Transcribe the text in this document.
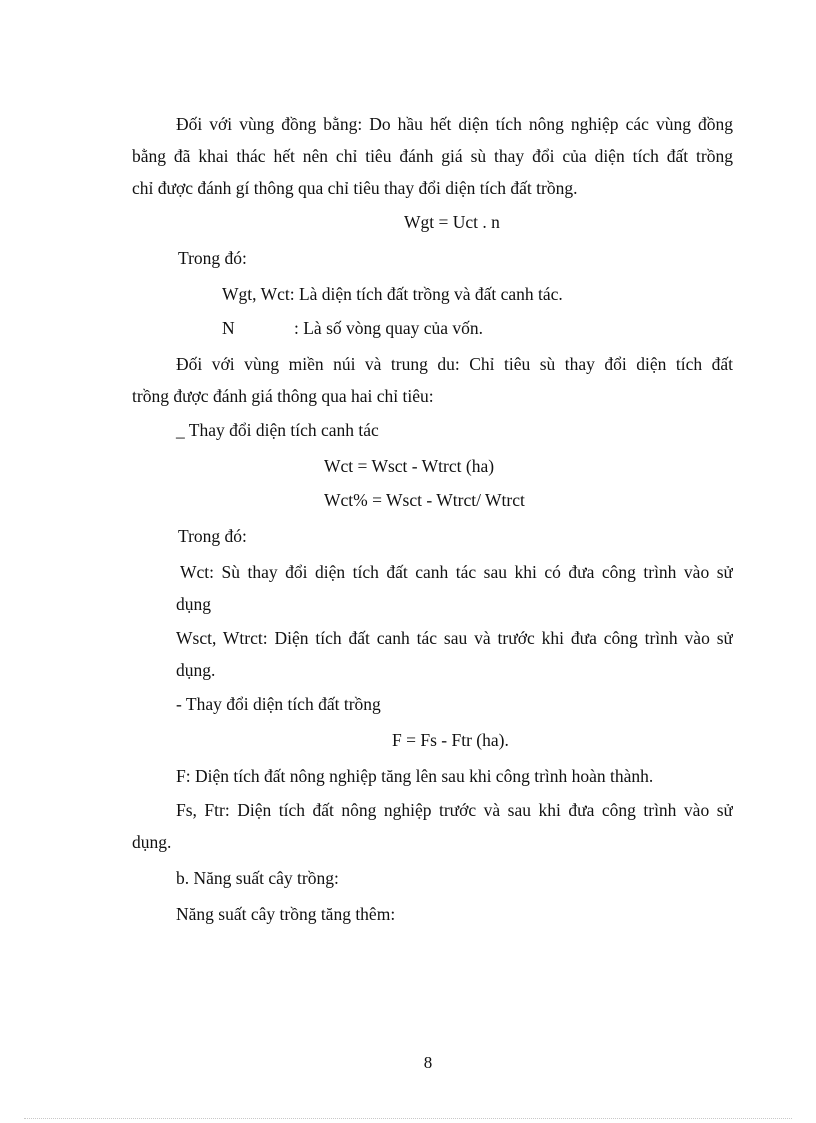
Đối với vùng đồng bằng: Do hầu hết diện tích nông nghiệp các vùng đồng
bằng đã khai thác hết nên chỉ tiêu đánh giá sù thay đổi của diện tích đất trồng
chỉ được đánh gí thông qua chỉ tiêu thay đổi diện tích đất trồng.
Wgt = Uct . n
Trong đó:
Wgt, Wct: Là diện tích đất trồng và đất canh tác.
N	: Là số vòng quay của vốn.
Đối với vùng miền núi và trung du: Chỉ tiêu sù thay đổi diện tích đất
trồng được đánh giá thông qua hai chỉ tiêu:
_ Thay đổi diện tích canh tác
Wct = Wsct - Wtrct (ha)
Wct% = Wsct - Wtrct/ Wtrct
Trong đó:
Wct: Sù thay đổi diện tích đất canh tác sau khi có đưa công trình vào sử
dụng
Wsct, Wtrct: Diện tích đất canh tác sau và trước khi đưa công trình vào sử
dụng.
- Thay đổi diện tích đất trồng
F = Fs - Ftr (ha).
F: Diện tích đất nông nghiệp tăng lên sau khi công trình hoàn thành.
Fs, Ftr: Diện tích đất nông nghiệp trước và sau khi đưa công trình vào sử
dụng.
b. Năng suất cây trồng:
Năng suất cây trồng tăng thêm:
8
